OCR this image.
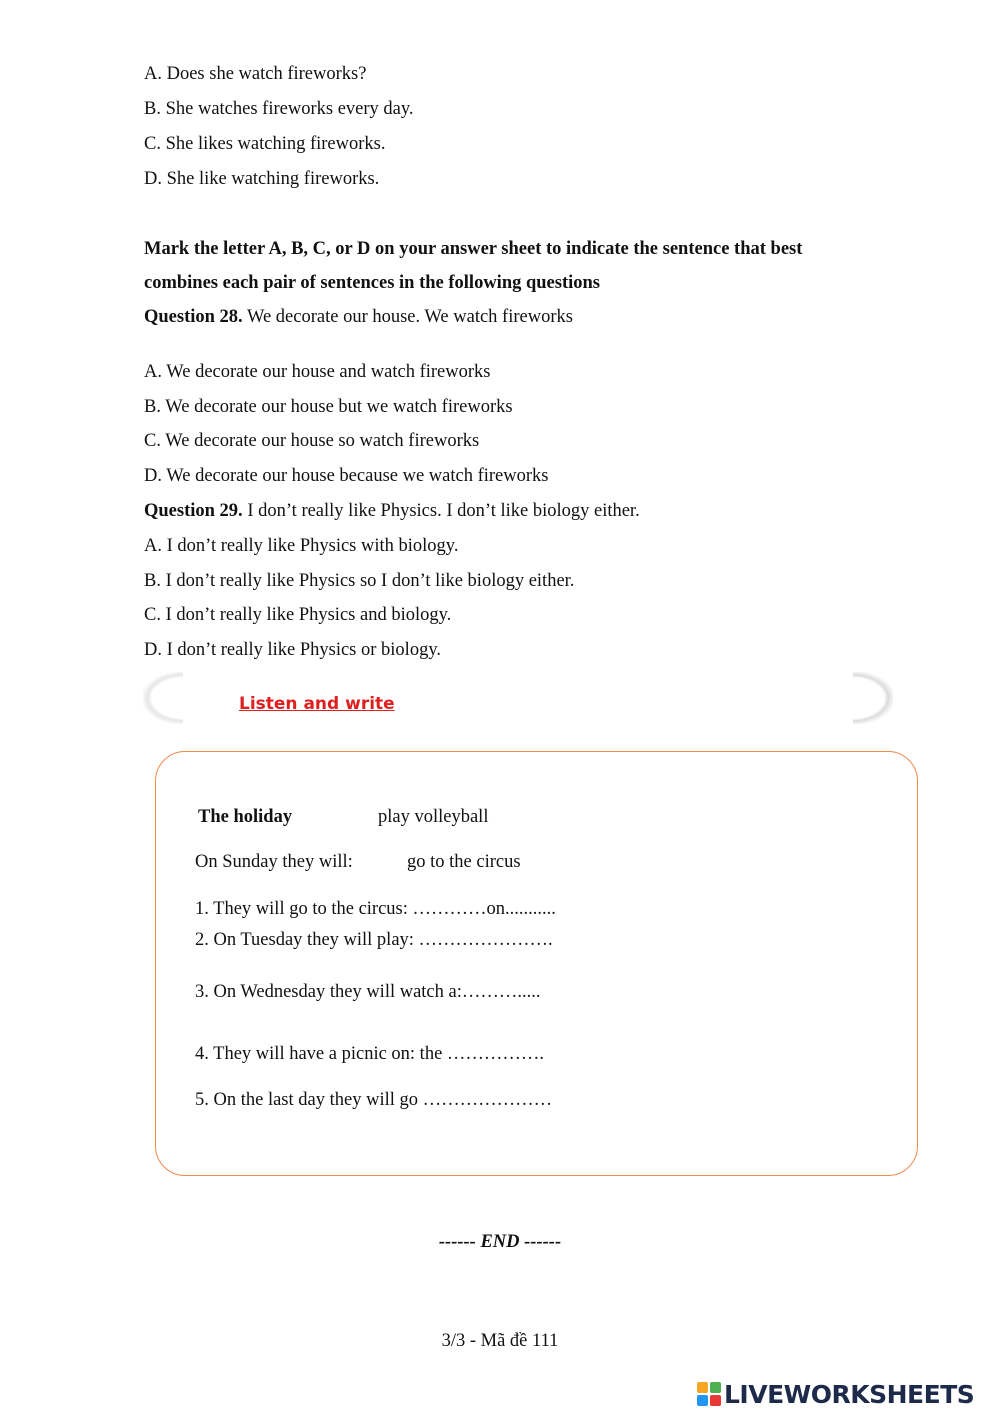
A. Does she watch fireworks?
B. She watches fireworks every day.
C. She likes watching fireworks.
D. She like watching fireworks.
Mark the letter A, B, C, or D on your answer sheet to indicate the sentence that best
combines each pair of sentences in the following questions
Question 28. We decorate our house. We watch fireworks
A. We decorate our house and watch fireworks
B. We decorate our house but we watch fireworks
C. We decorate our house so watch fireworks
D. We decorate our house because we watch fireworks
Question 29. I don’t really like Physics. I don’t like biology either.
A. I don’t really like Physics with biology.
B. I don’t really like Physics so I don’t like biology either.
C. I don’t really like Physics and biology.
D. I don’t really like Physics or biology.
Listen and write
The holiday	play volleyball
On Sunday they will:	go to the circus
1. They will go to the circus: …………on...........
2. On Tuesday they will play: ………………….
3. On Wednesday they will watch a:……….....
4. They will have a picnic on: the …………….
5. On the last day they will go …………………
------ END ------
3/3 - Mã đề 111
LIVEWORKSHEETS
